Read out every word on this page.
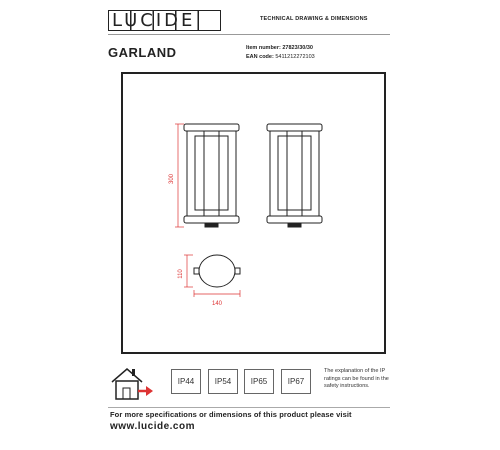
LUCIDE	TECHNICAL DRAWING & DIMENSIONS
GARLAND	Item number: 27823/30/30
EAN code: 5411212272103
300
110
140
IP44	IP54	IP65	IP67
The explanation of the IP ratings can be found in the safety instructions.
For more specifications or dimensions of this product please visit
www.lucide.com
